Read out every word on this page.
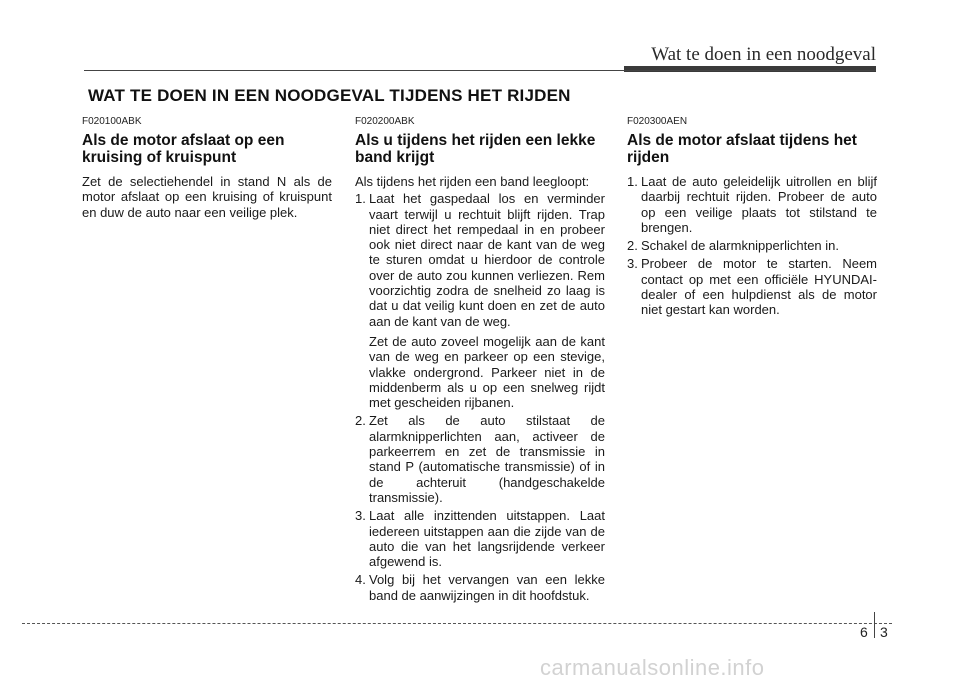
Wat te doen in een noodgeval
WAT TE DOEN IN EEN NOODGEVAL TIJDENS HET RIJDEN
F020100ABK
Als de motor afslaat op een kruising of kruispunt

Zet de selectiehendel in stand N als de motor afslaat op een kruising of kruispunt en duw de auto naar een veilige plek.

F020200ABK
Als u tijdens het rijden een lekke band krijgt

Als tijdens het rijden een band leegloopt:

1. Laat het gaspedaal los en verminder vaart terwijl u rechtuit blijft rijden. Trap niet direct het rempedaal in en probeer ook niet direct naar de kant van de weg te sturen omdat u hierdoor de controle over de auto zou kunnen verliezen. Rem voorzichtig zodra de snelheid zo laag is dat u dat veilig kunt doen en zet de auto aan de kant van de weg.

Zet de auto zoveel mogelijk aan de kant van de weg en parkeer op een stevige, vlakke ondergrond. Parkeer niet in de middenberm als u op een snelweg rijdt met gescheiden rijbanen.

2. Zet als de auto stilstaat de alarmknipperlichten aan, activeer de parkeerrem en zet de transmissie in stand P (automatische transmissie) of in de achteruit (handgeschakelde transmissie).

3. Laat alle inzittenden uitstappen. Laat iedereen uitstappen aan die zijde van de auto die van het langsrijdende verkeer afgewend is.

4. Volg bij het vervangen van een lekke band de aanwijzingen in dit hoofdstuk.

F020300AEN
Als de motor afslaat tijdens het rijden
1. Laat de auto geleidelijk uitrollen en blijf daarbij rechtuit rijden. Probeer de auto op een veilige plaats tot stilstand te brengen.

2. Schakel de alarmknipperlichten in.

3. Probeer de motor te starten. Neem contact op met een officiële HYUNDAI-dealer of een hulpdienst als de motor niet gestart kan worden.

6 3
carmanualsonline.info
